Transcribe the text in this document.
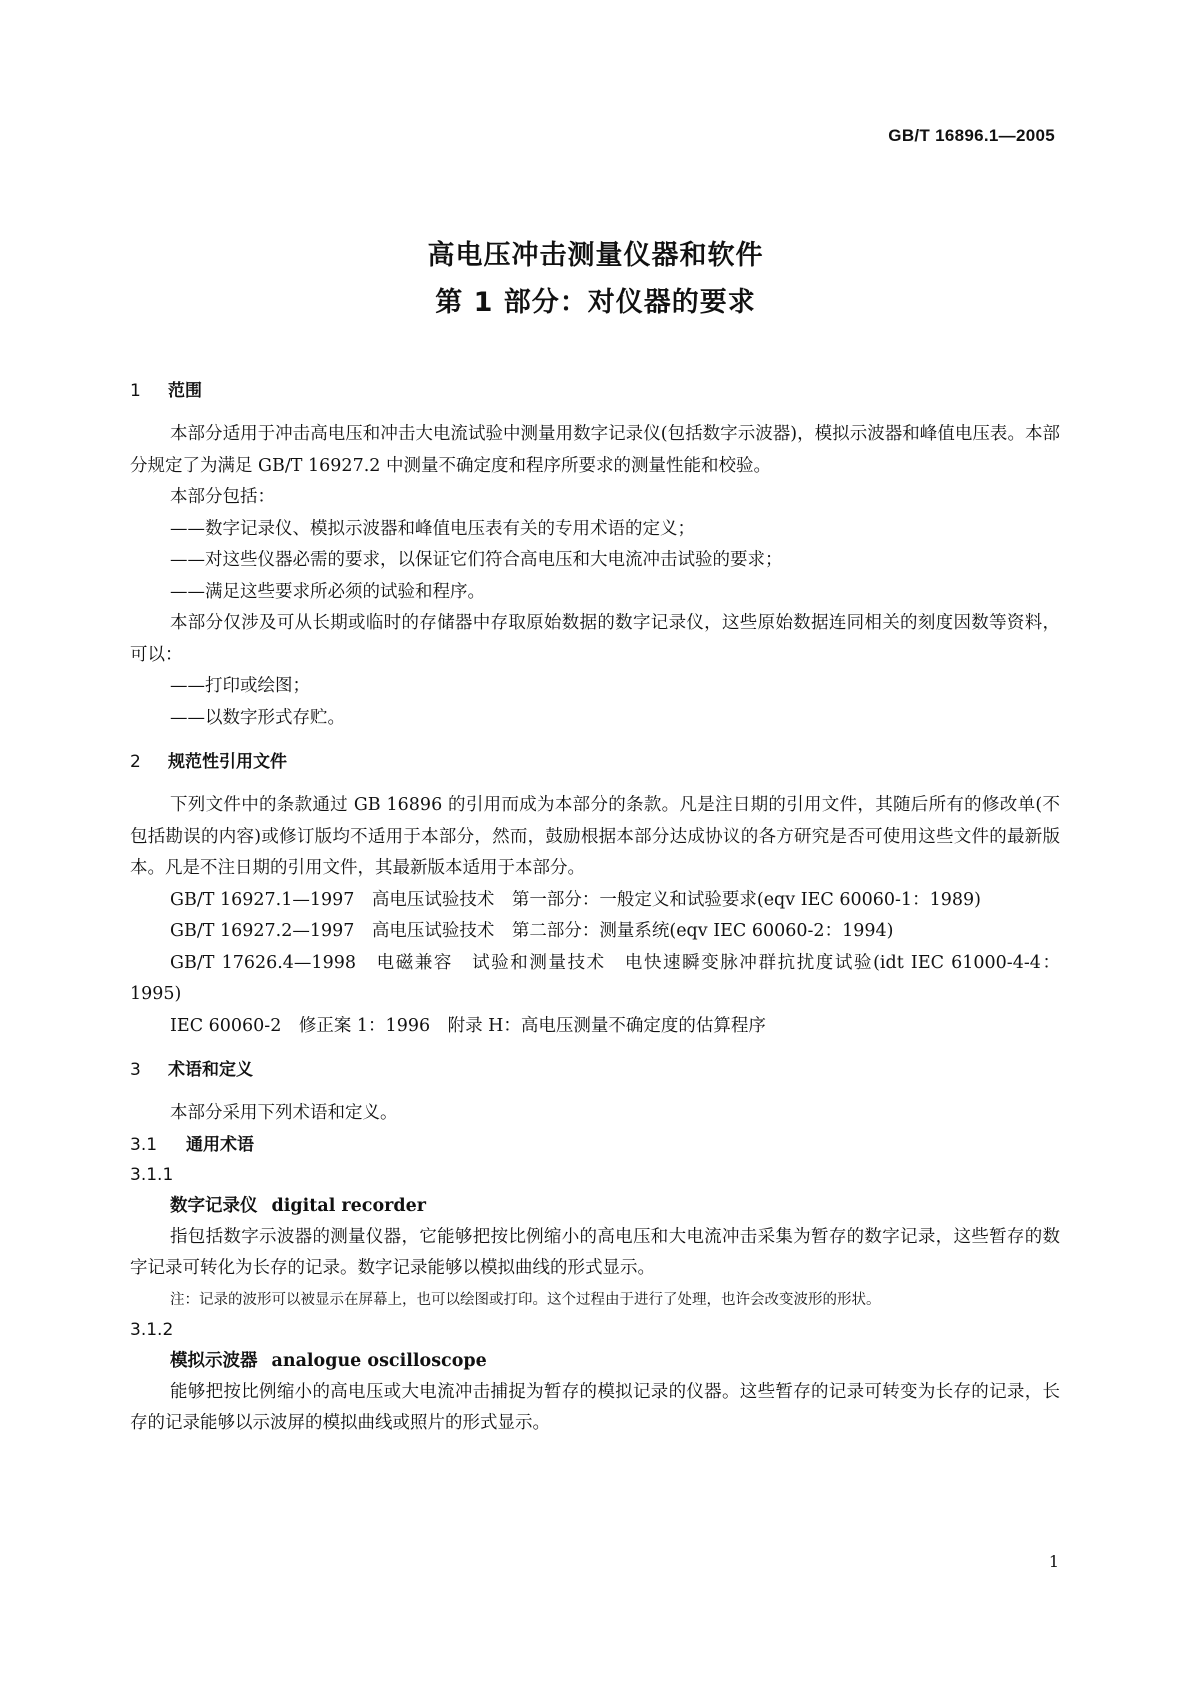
GB/T 16896.1—2005
高电压冲击测量仪器和软件
第 1 部分：对仪器的要求
1 范围

本部分适用于冲击高电压和冲击大电流试验中测量用数字记录仪(包括数字示波器)，模拟示波器和峰值电压表。本部分规定了为满足 GB/T 16927.2 中测量不确定度和程序所要求的测量性能和校验。

本部分包括：

——数字记录仪、模拟示波器和峰值电压表有关的专用术语的定义；

——对这些仪器必需的要求，以保证它们符合高电压和大电流冲击试验的要求；

——满足这些要求所必须的试验和程序。

本部分仅涉及可从长期或临时的存储器中存取原始数据的数字记录仪，这些原始数据连同相关的刻度因数等资料，可以：

——打印或绘图；

——以数字形式存贮。

2 规范性引用文件

下列文件中的条款通过 GB 16896 的引用而成为本部分的条款。凡是注日期的引用文件，其随后所有的修改单(不包括勘误的内容)或修订版均不适用于本部分，然而，鼓励根据本部分达成协议的各方研究是否可使用这些文件的最新版本。凡是不注日期的引用文件，其最新版本适用于本部分。

GB/T 16927.1—1997　高电压试验技术　第一部分：一般定义和试验要求(eqv IEC 60060-1：1989)

GB/T 16927.2—1997　高电压试验技术　第二部分：测量系统(eqv IEC 60060-2：1994)

GB/T 17626.4—1998　电磁兼容　试验和测量技术　电快速瞬变脉冲群抗扰度试验(idt IEC 61000-4-4：1995)

IEC 60060-2　修正案 1：1996　附录 H：高电压测量不确定度的估算程序

3 术语和定义

本部分采用下列术语和定义。

3.1 通用术语
3.1.1
数字记录仪 digital recorder

指包括数字示波器的测量仪器，它能够把按比例缩小的高电压和大电流冲击采集为暂存的数字记录，这些暂存的数字记录可转化为长存的记录。数字记录能够以模拟曲线的形式显示。

注：记录的波形可以被显示在屏幕上，也可以绘图或打印。这个过程由于进行了处理，也许会改变波形的形状。

3.1.2
模拟示波器 analogue oscilloscope

能够把按比例缩小的高电压或大电流冲击捕捉为暂存的模拟记录的仪器。这些暂存的记录可转变为长存的记录，长存的记录能够以示波屏的模拟曲线或照片的形式显示。

1
